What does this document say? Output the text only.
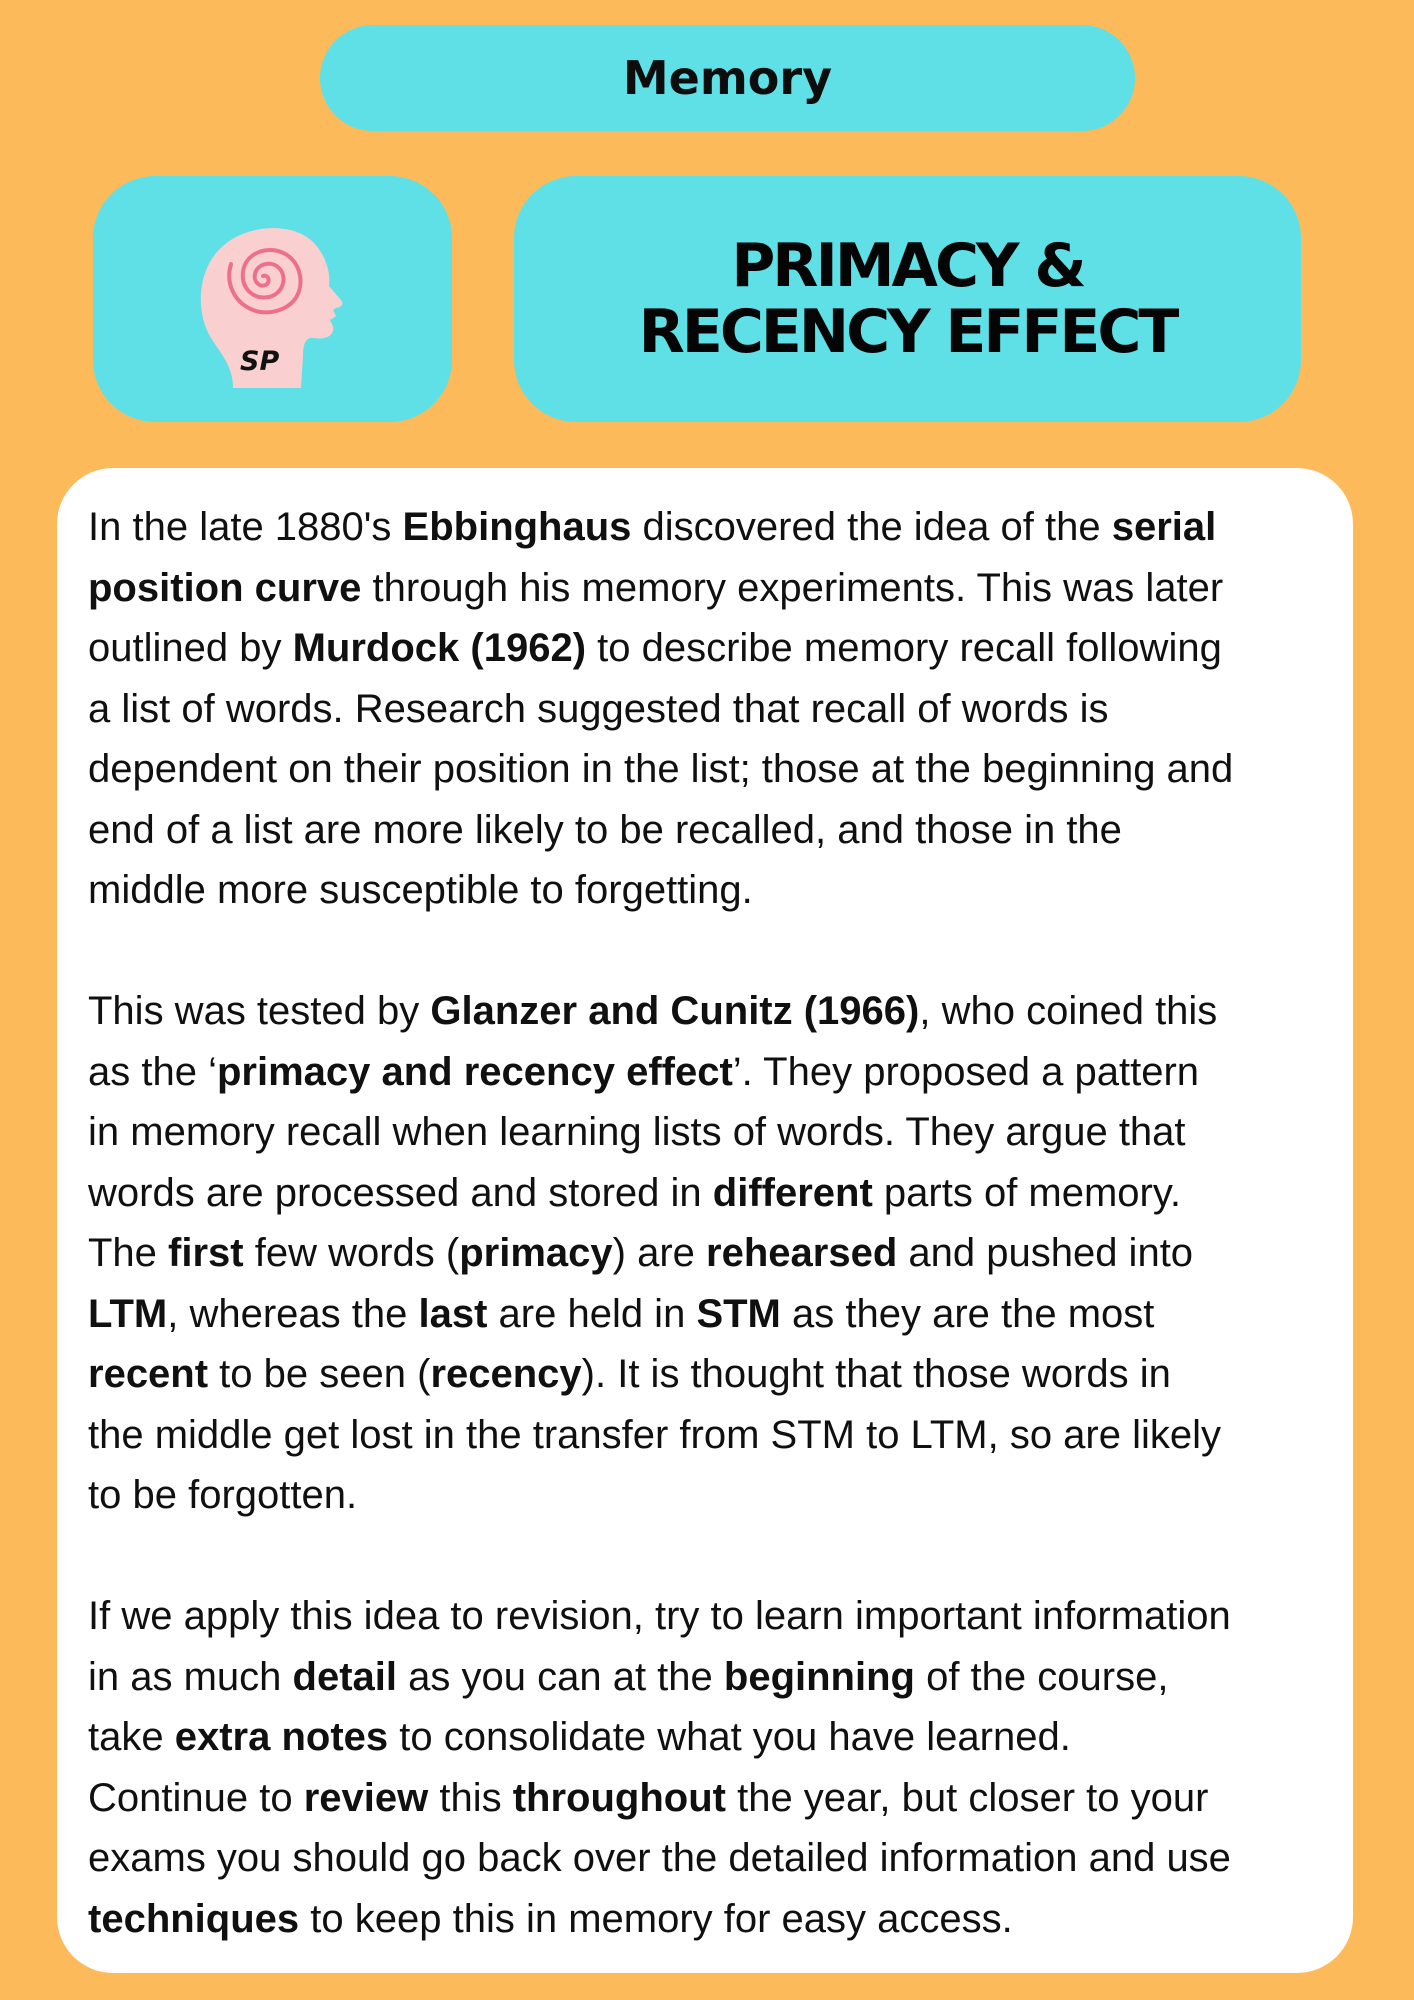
Memory
SP
PRIMACY &
RECENCY EFFECT

In the late 1880's Ebbinghaus discovered the idea of the serial
position curve through his memory experiments. This was later
outlined by Murdock (1962) to describe memory recall following
a list of words. Research suggested that recall of words is
dependent on their position in the list; those at the beginning and
end of a list are more likely to be recalled, and those in the
middle more susceptible to forgetting.

This was tested by Glanzer and Cunitz (1966), who coined this
as the ‘primacy and recency effect’. They proposed a pattern
in memory recall when learning lists of words. They argue that
words are processed and stored in different parts of memory.
The first few words (primacy) are rehearsed and pushed into
LTM, whereas the last are held in STM as they are the most
recent to be seen (recency). It is thought that those words in
the middle get lost in the transfer from STM to LTM, so are likely
to be forgotten.

If we apply this idea to revision, try to learn important information
in as much detail as you can at the beginning of the course,
take extra notes to consolidate what you have learned.
Continue to review this throughout the year, but closer to your
exams you should go back over the detailed information and use
techniques to keep this in memory for easy access.
